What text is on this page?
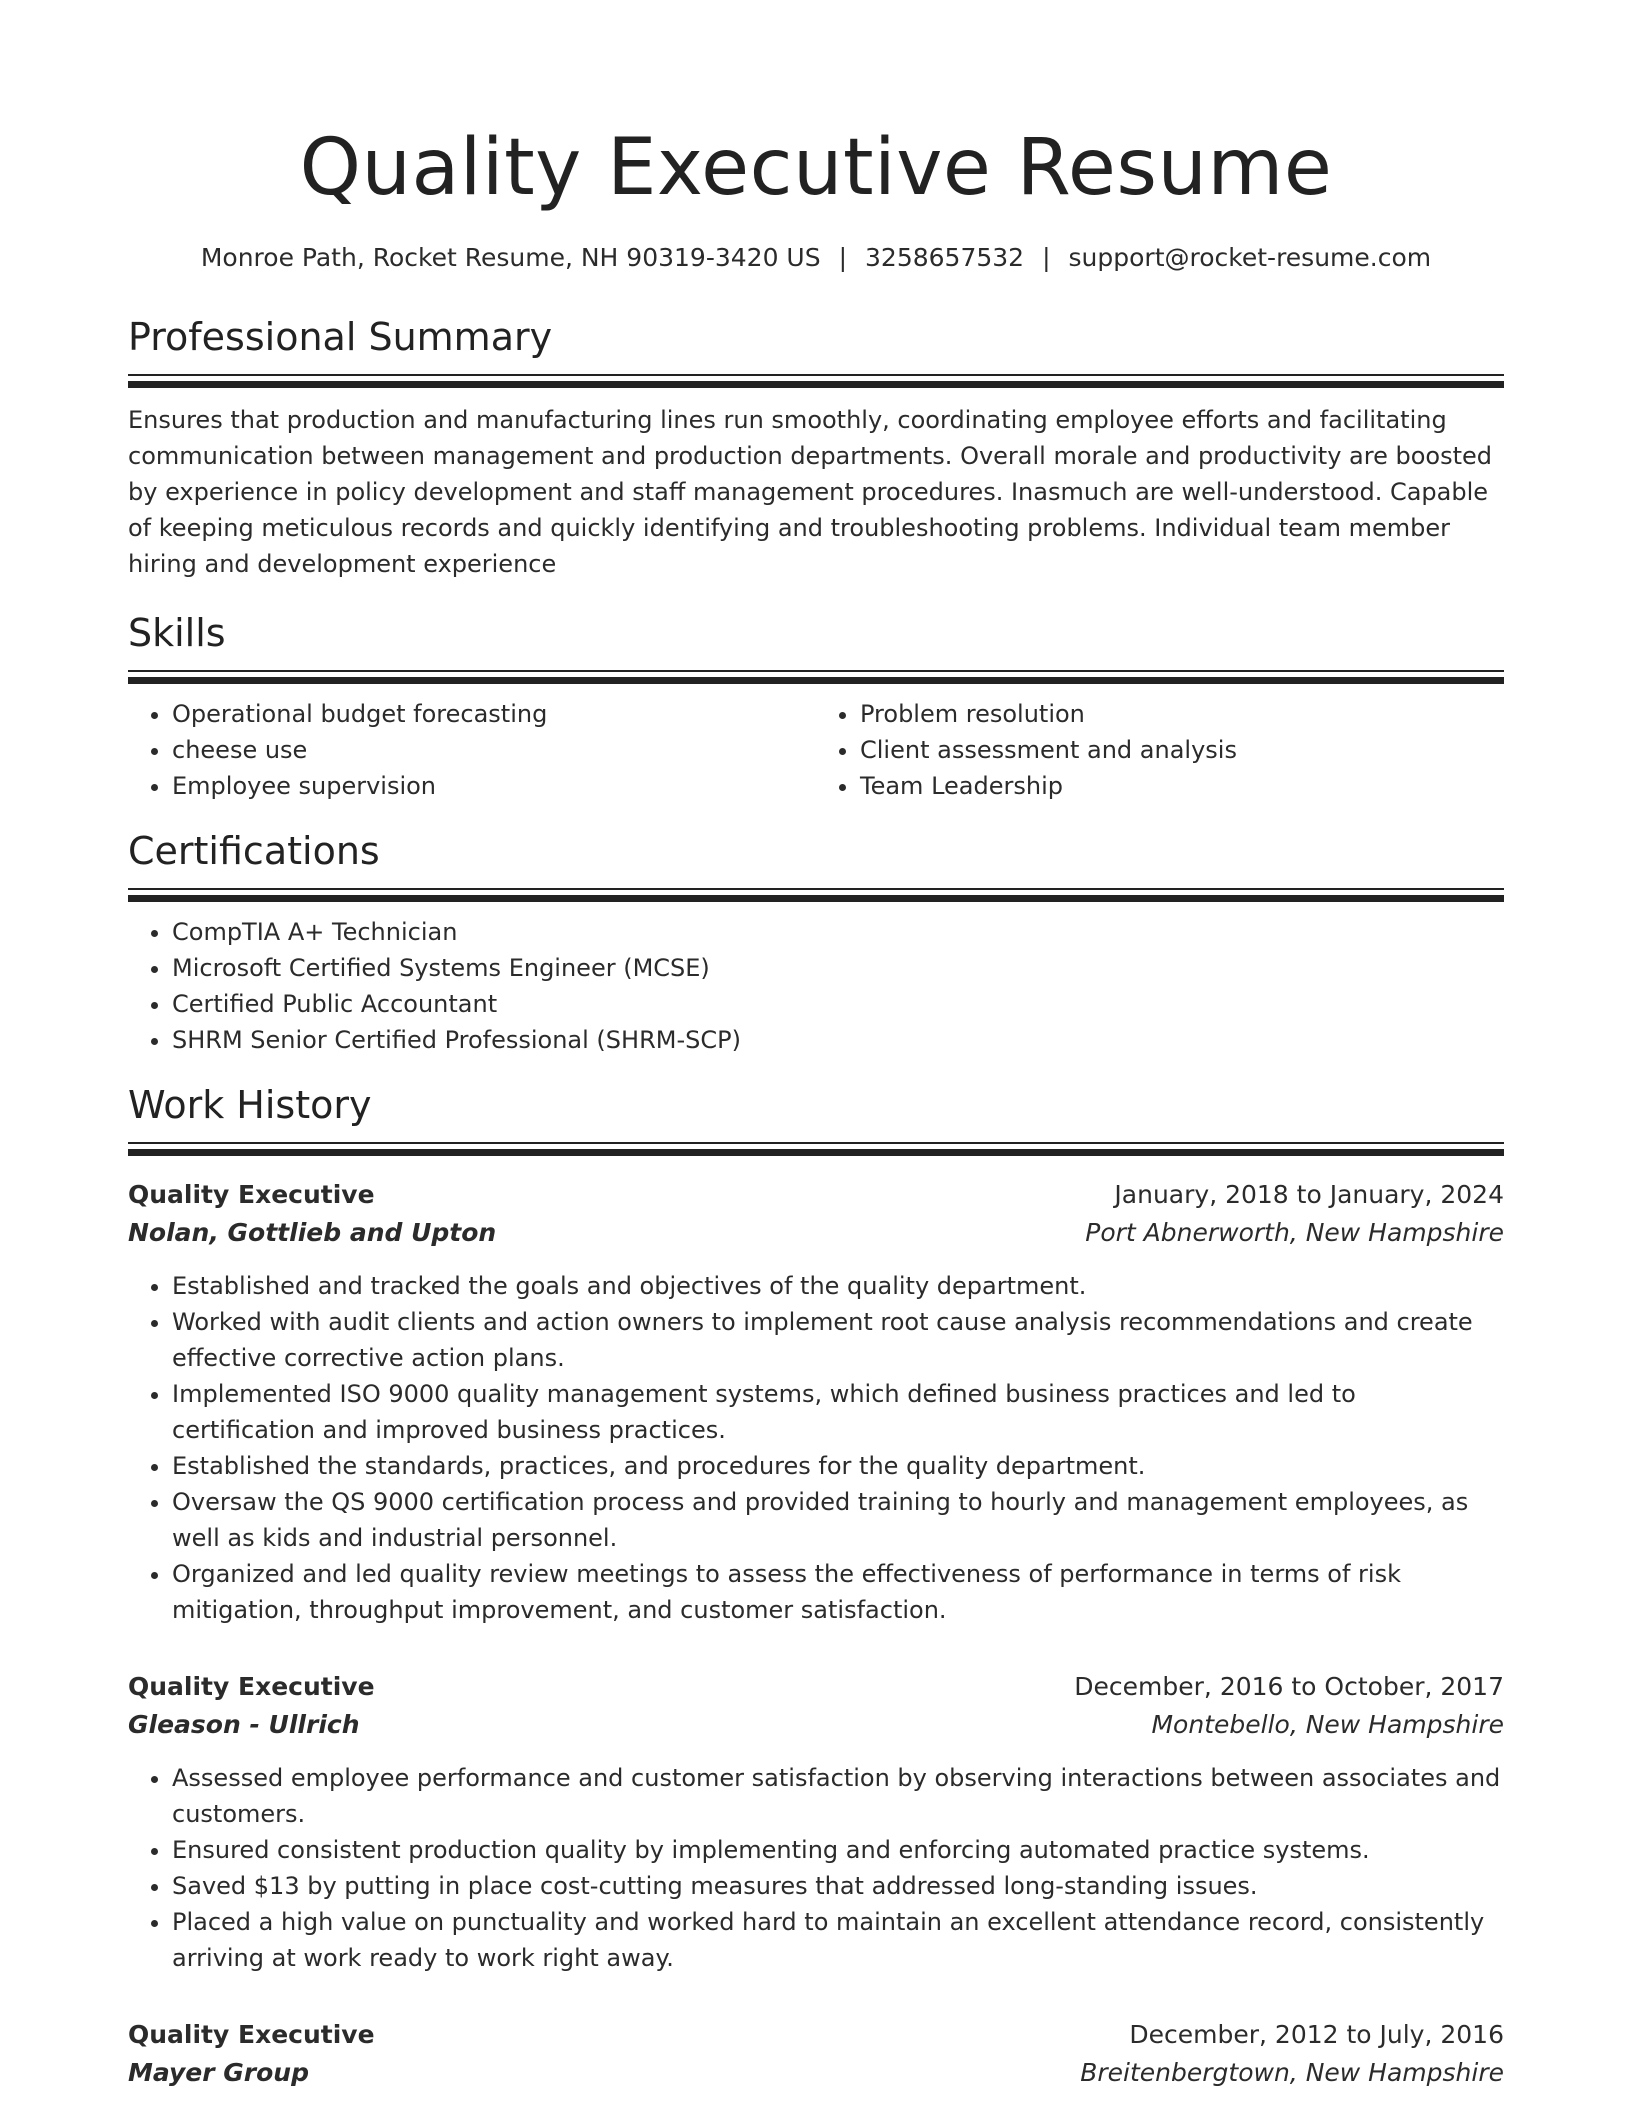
Quality Executive Resume
Monroe Path, Rocket Resume, NH 90319-3420 US | 3258657532 | support@rocket-resume.com
Professional Summary

Ensures that production and manufacturing lines run smoothly, coordinating employee efforts and facilitating communication between management and production departments. Overall morale and productivity are boosted by experience in policy development and staff management procedures. Inasmuch are well-understood. Capable of keeping meticulous records and quickly identifying and troubleshooting problems. Individual team member hiring and development experience

Skills
• Operational budget forecasting
• cheese use
• Employee supervision
• Problem resolution
• Client assessment and analysis
• Team Leadership
Certifications
• CompTIA A+ Technician
• Microsoft Certified Systems Engineer (MCSE)
• Certified Public Accountant
• SHRM Senior Certified Professional (SHRM-SCP)
Work History
Quality Executive	January, 2018 to January, 2024
Nolan, Gottlieb and Upton	Port Abnerworth, New Hampshire
• Established and tracked the goals and objectives of the quality department.
• Worked with audit clients and action owners to implement root cause analysis recommendations and create effective corrective action plans.
• Implemented ISO 9000 quality management systems, which defined business practices and led to certification and improved business practices.
• Established the standards, practices, and procedures for the quality department.
• Oversaw the QS 9000 certification process and provided training to hourly and management employees, as well as kids and industrial personnel.
• Organized and led quality review meetings to assess the effectiveness of performance in terms of risk mitigation, throughput improvement, and customer satisfaction.
Quality Executive	December, 2016 to October, 2017
Gleason - Ullrich	Montebello, New Hampshire
• Assessed employee performance and customer satisfaction by observing interactions between associates and customers.
• Ensured consistent production quality by implementing and enforcing automated practice systems.
• Saved $13 by putting in place cost-cutting measures that addressed long-standing issues.
• Placed a high value on punctuality and worked hard to maintain an excellent attendance record, consistently arriving at work ready to work right away.
Quality Executive	December, 2012 to July, 2016
Mayer Group	Breitenbergtown, New Hampshire
